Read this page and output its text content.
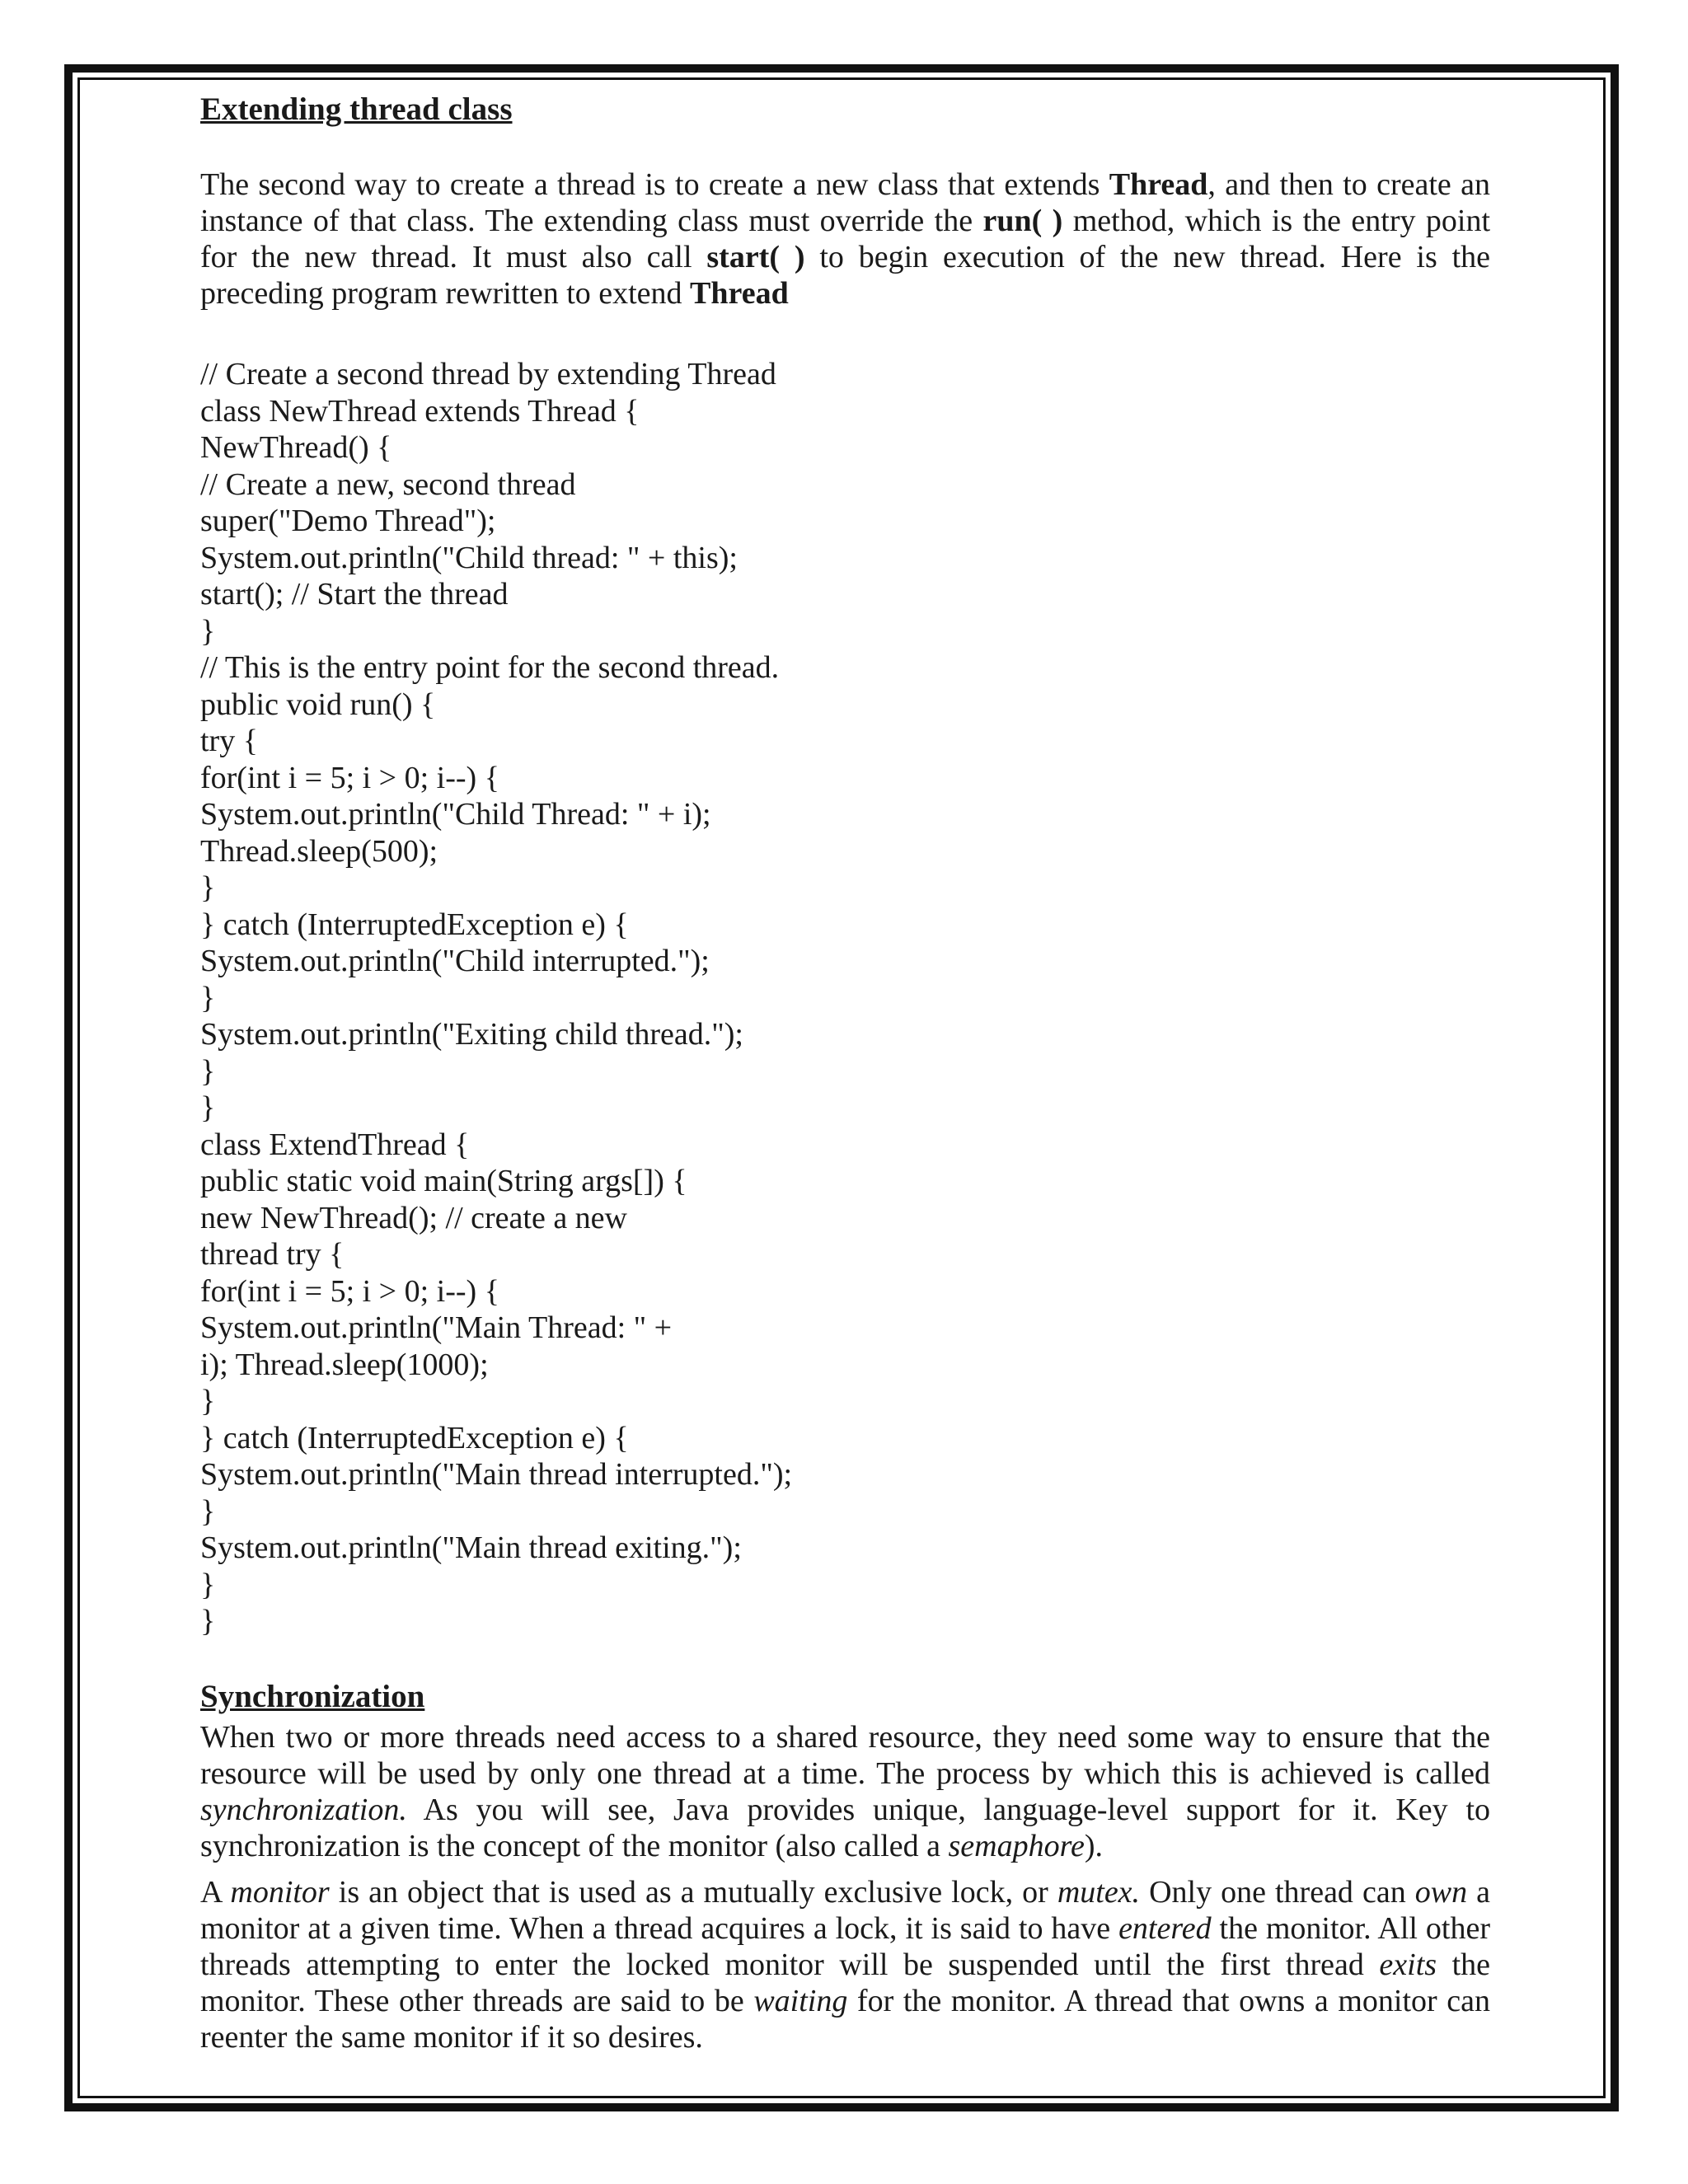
Extending thread class

The second way to create a thread is to create a new class that extends Thread, and then to create an instance of that class. The extending class must override the run( ) method, which is the entry point for the new thread. It must also call start( ) to begin execution of the new thread. Here is the preceding program rewritten to extend Thread

// Create a second thread by extending Thread
class NewThread extends Thread {
NewThread() {
// Create a new, second thread
super("Demo Thread");
System.out.println("Child thread: " + this);
start(); // Start the thread
}
// This is the entry point for the second thread.
public void run() {
try {
for(int i = 5; i > 0; i--) {
System.out.println("Child Thread: " + i);
Thread.sleep(500);
}
} catch (InterruptedException e) {
System.out.println("Child interrupted.");
}
System.out.println("Exiting child thread.");
}
}
class ExtendThread {
public static void main(String args[]) {
new NewThread(); // create a new
thread try {
for(int i = 5; i > 0; i--) {
System.out.println("Main Thread: " +
i); Thread.sleep(1000);
}
} catch (InterruptedException e) {
System.out.println("Main thread interrupted.");
}
System.out.println("Main thread exiting.");
}
}
Synchronization

When two or more threads need access to a shared resource, they need some way to ensure that the resource will be used by only one thread at a time. The process by which this is achieved is called synchronization. As you will see, Java provides unique, language-level support for it. Key to synchronization is the concept of the monitor (also called a semaphore).

A monitor is an object that is used as a mutually exclusive lock, or mutex. Only one thread can own a monitor at a given time. When a thread acquires a lock, it is said to have entered the monitor. All other threads attempting to enter the locked monitor will be suspended until the first thread exits the monitor. These other threads are said to be waiting for the monitor. A thread that owns a monitor can reenter the same monitor if it so desires.
